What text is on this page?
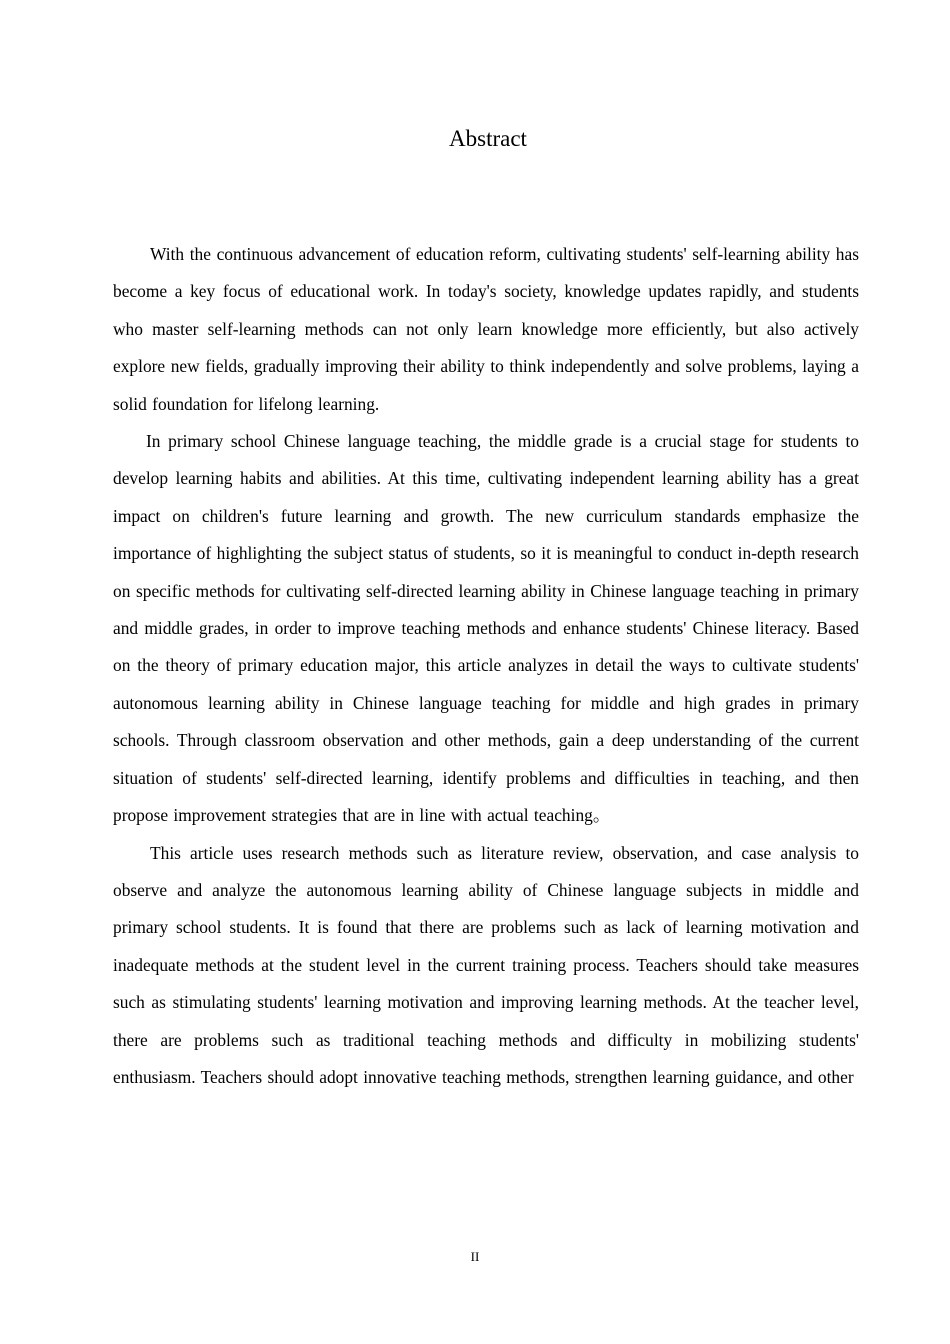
Abstract

With the continuous advancement of education reform, cultivating students' self-learning ability has become a key focus of educational work. In today's society, knowledge updates rapidly, and students who master self-learning methods can not only learn knowledge more efficiently, but also actively explore new fields, gradually improving their ability to think independently and solve problems, laying a solid foundation for lifelong learning.

In primary school Chinese language teaching, the middle grade is a crucial stage for students to develop learning habits and abilities. At this time, cultivating independent learning ability has a great impact on children's future learning and growth. The new curriculum standards emphasize the importance of highlighting the subject status of students, so it is meaningful to conduct in-depth research on specific methods for cultivating self-directed learning ability in Chinese language teaching in primary and middle grades, in order to improve teaching methods and enhance students' Chinese literacy. Based on the theory of primary education major, this article analyzes in detail the ways to cultivate students' autonomous learning ability in Chinese language teaching for middle and high grades in primary schools. Through classroom observation and other methods, gain a deep understanding of the current situation of students' self-directed learning, identify problems and difficulties in teaching, and then propose improvement strategies that are in line with actual teaching。

This article uses research methods such as literature review, observation, and case analysis to observe and analyze the autonomous learning ability of Chinese language subjects in middle and primary school students. It is found that there are problems such as lack of learning motivation and inadequate methods at the student level in the current training process. Teachers should take measures such as stimulating students' learning motivation and improving learning methods. At the teacher level, there are problems such as traditional teaching methods and difficulty in mobilizing students' enthusiasm. Teachers should adopt innovative teaching methods, strengthen learning guidance, and other

II
